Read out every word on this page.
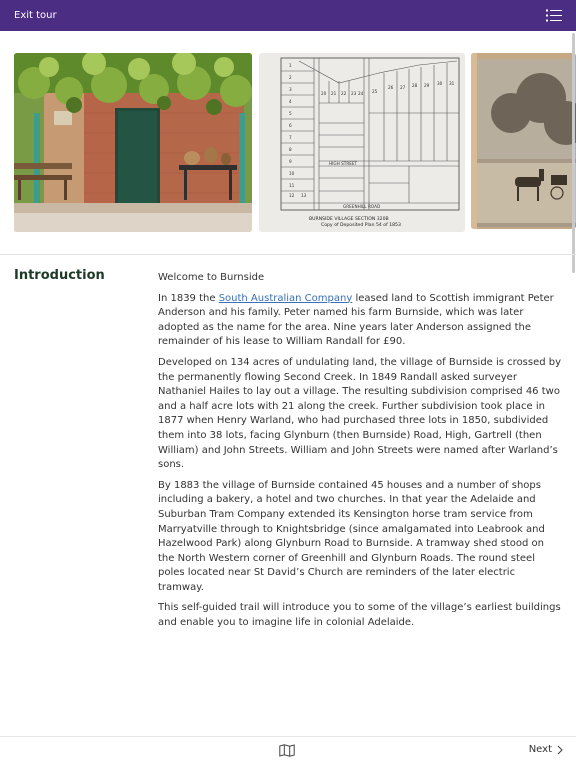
Exit tour
1
2
3
4
5
6
7
8
9
10
11
12 13
25
26 27 28 29 30 31
20 21 22 23 24
HIGH STREET
GREENHILL ROAD
BURNSIDE VILLAGE SECTION 320B
Copy of Deposited Plan 54 of 1853
Introduction	Welcome to Burnside

In 1839 the South Australian Company leased land to Scottish immigrant Peter Anderson and his family. Peter named his farm Burnside, which was later adopted as the name for the area. Nine years later Anderson assigned the remainder of his lease to William Randall for £90.

Developed on 134 acres of undulating land, the village of Burnside is crossed by the permanently flowing Second Creek. In 1849 Randall asked surveyer Nathaniel Hailes to lay out a village. The resulting subdivision comprised 46 two and a half acre lots with 21 along the creek. Further subdivision took place in 1877 when Henry Warland, who had purchased three lots in 1850, subdivided them into 38 lots, facing Glynburn (then Burnside) Road, High, Gartrell (then William) and John Streets. William and John Streets were named after Warland’s sons.

By 1883 the village of Burnside contained 45 houses and a number of shops including a bakery, a hotel and two churches. In that year the Adelaide and Suburban Tram Company extended its Kensington horse tram service from Marryatville through to Knightsbridge (since amalgamated into Leabrook and Hazelwood Park) along Glynburn Road to Burnside. A tramway shed stood on the North Western corner of Greenhill and Glynburn Roads. The round steel poles located near St David’s Church are reminders of the later electric tramway.

This self-guided trail will introduce you to some of the village’s earliest buildings and enable you to imagine life in colonial Adelaide.

Next
